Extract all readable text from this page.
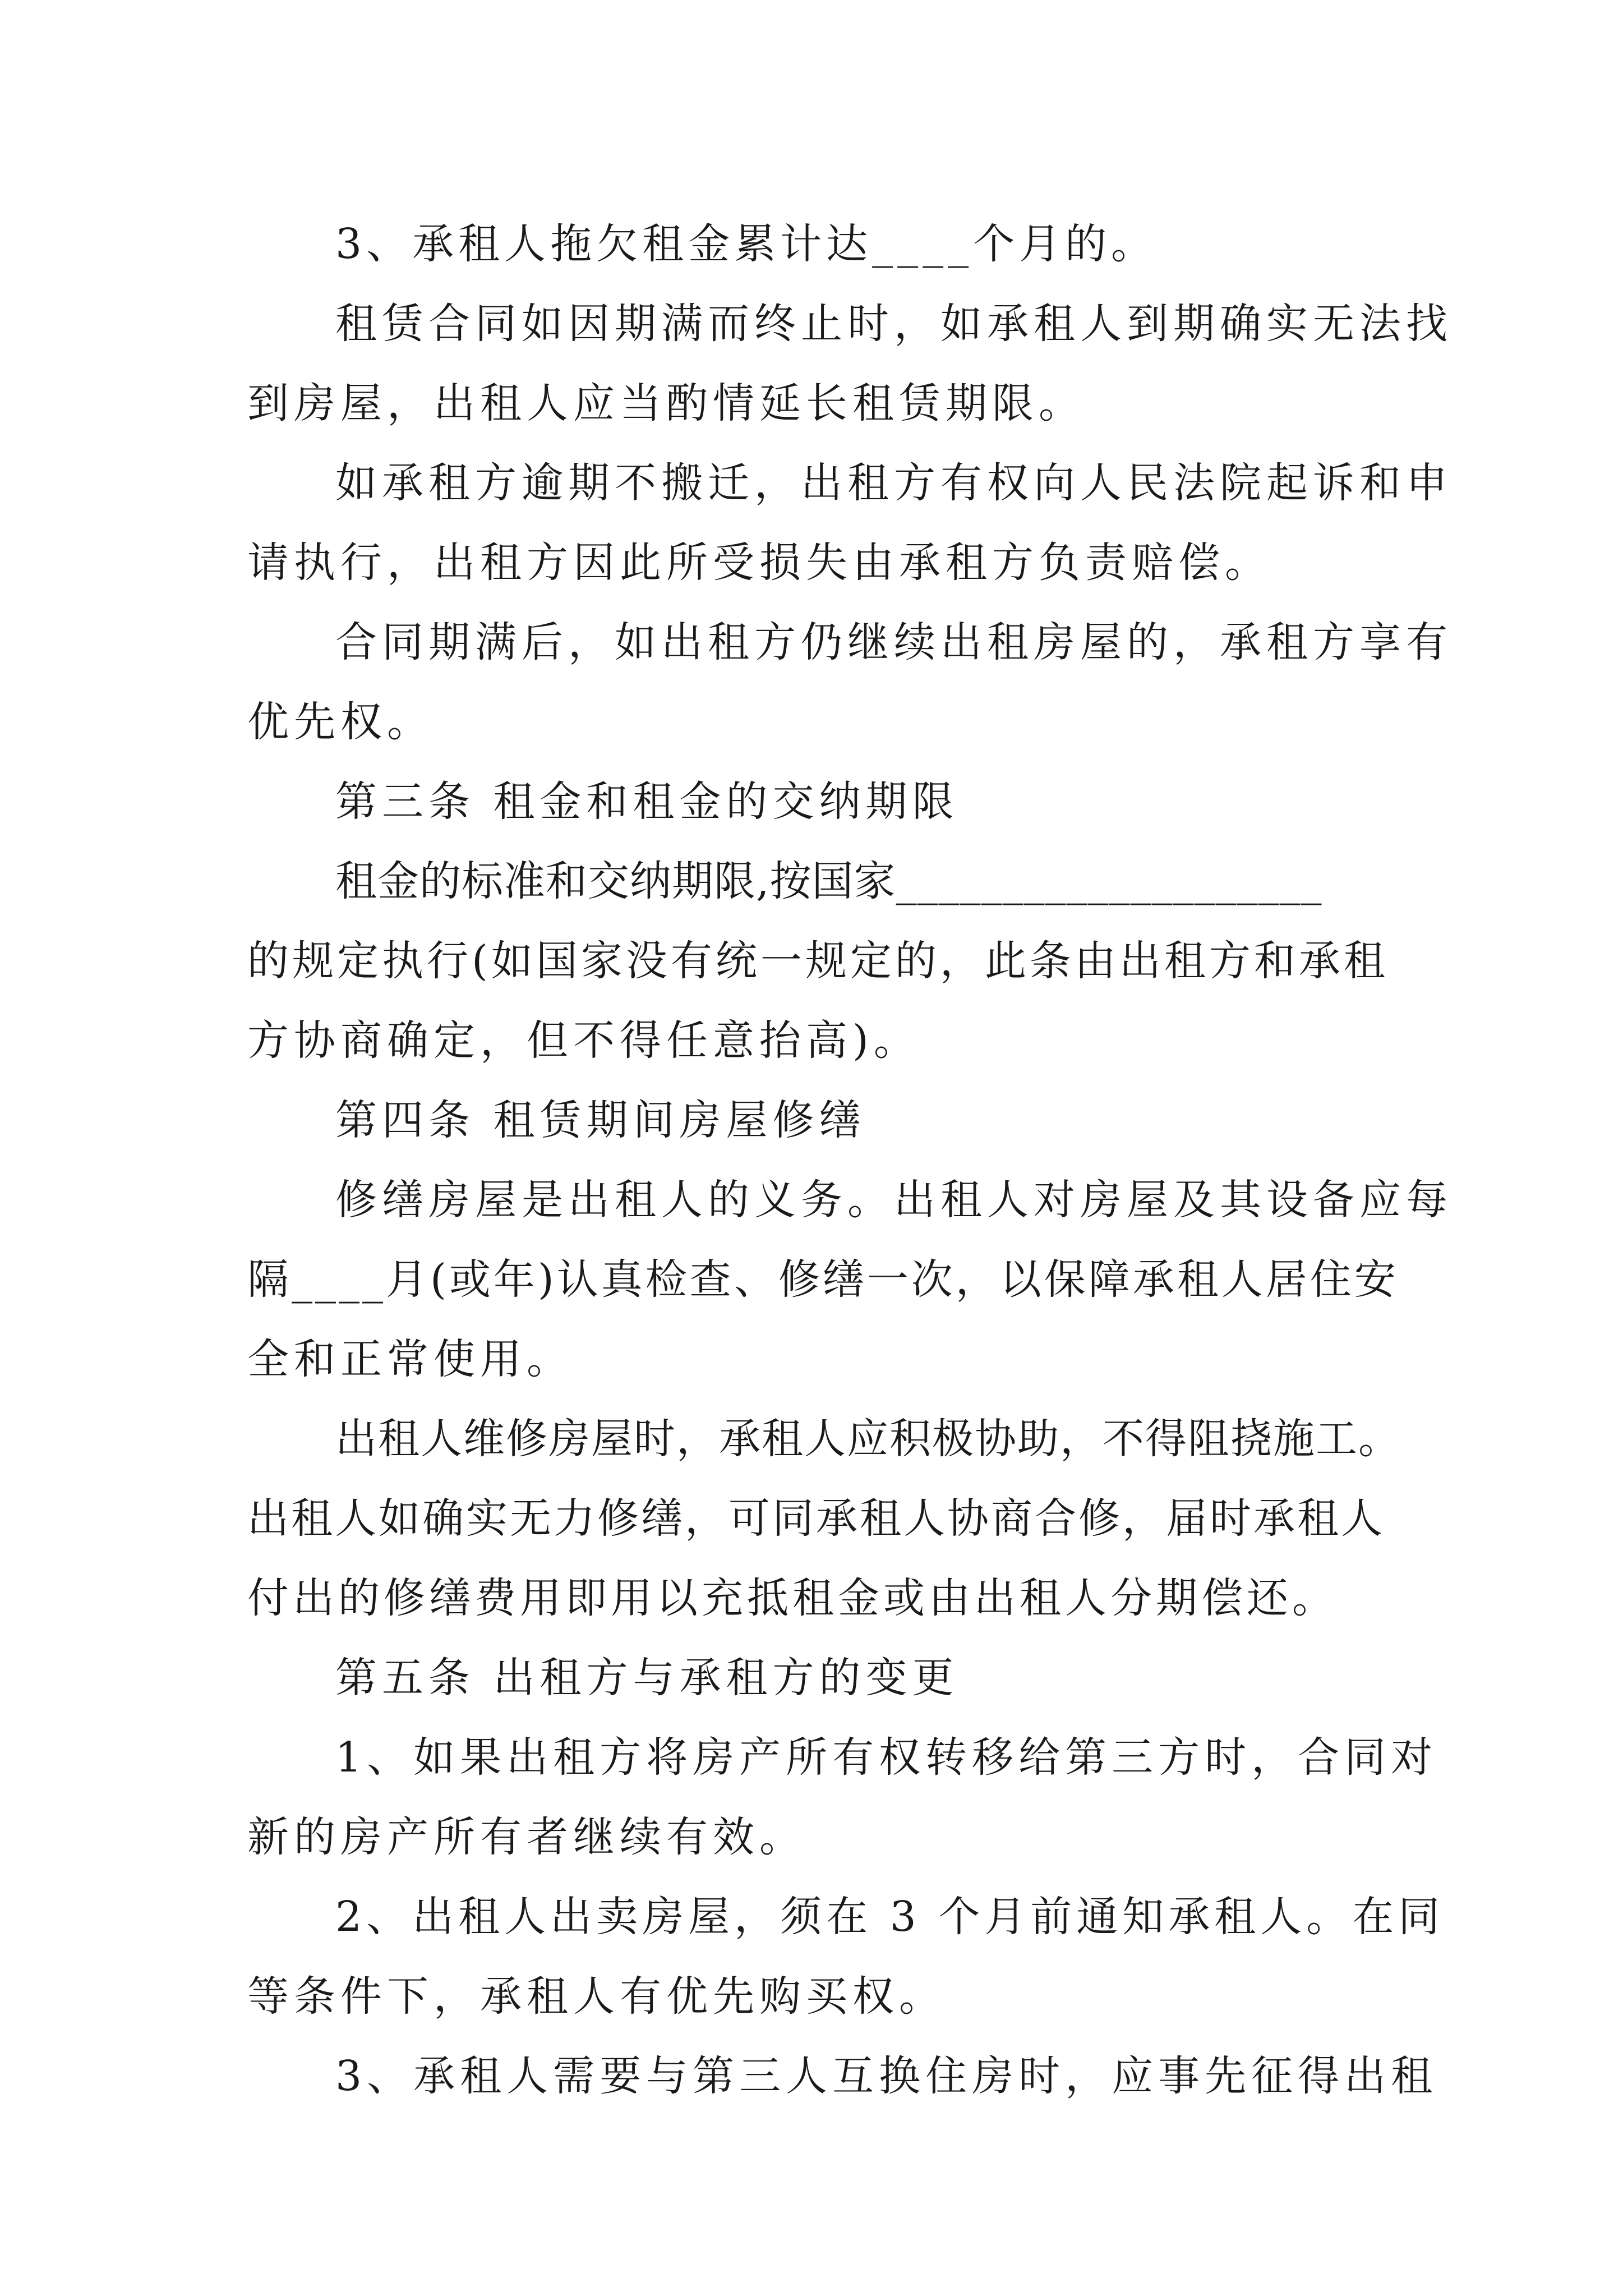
3、承租人拖欠租金累计达____个月的。

租赁合同如因期满而终止时，如承租人到期确实无法找

到房屋，出租人应当酌情延长租赁期限。

如承租方逾期不搬迁，出租方有权向人民法院起诉和申

请执行，出租方因此所受损失由承租方负责赔偿。

合同期满后，如出租方仍继续出租房屋的，承租方享有

优先权。

第三条 租金和租金的交纳期限

租金的标准和交纳期限,按国家____________________

的规定执行(如国家没有统一规定的，此条由出租方和承租

方协商确定，但不得任意抬高)。

第四条 租赁期间房屋修缮

修缮房屋是出租人的义务。出租人对房屋及其设备应每

隔____月(或年)认真检查、修缮一次，以保障承租人居住安

全和正常使用。

出租人维修房屋时，承租人应积极协助，不得阻挠施工。

出租人如确实无力修缮，可同承租人协商合修，届时承租人

付出的修缮费用即用以充抵租金或由出租人分期偿还。

第五条 出租方与承租方的变更

1、如果出租方将房产所有权转移给第三方时，合同对

新的房产所有者继续有效。

2、出租人出卖房屋，须在 3 个月前通知承租人。在同

等条件下，承租人有优先购买权。

3、承租人需要与第三人互换住房时，应事先征得出租
